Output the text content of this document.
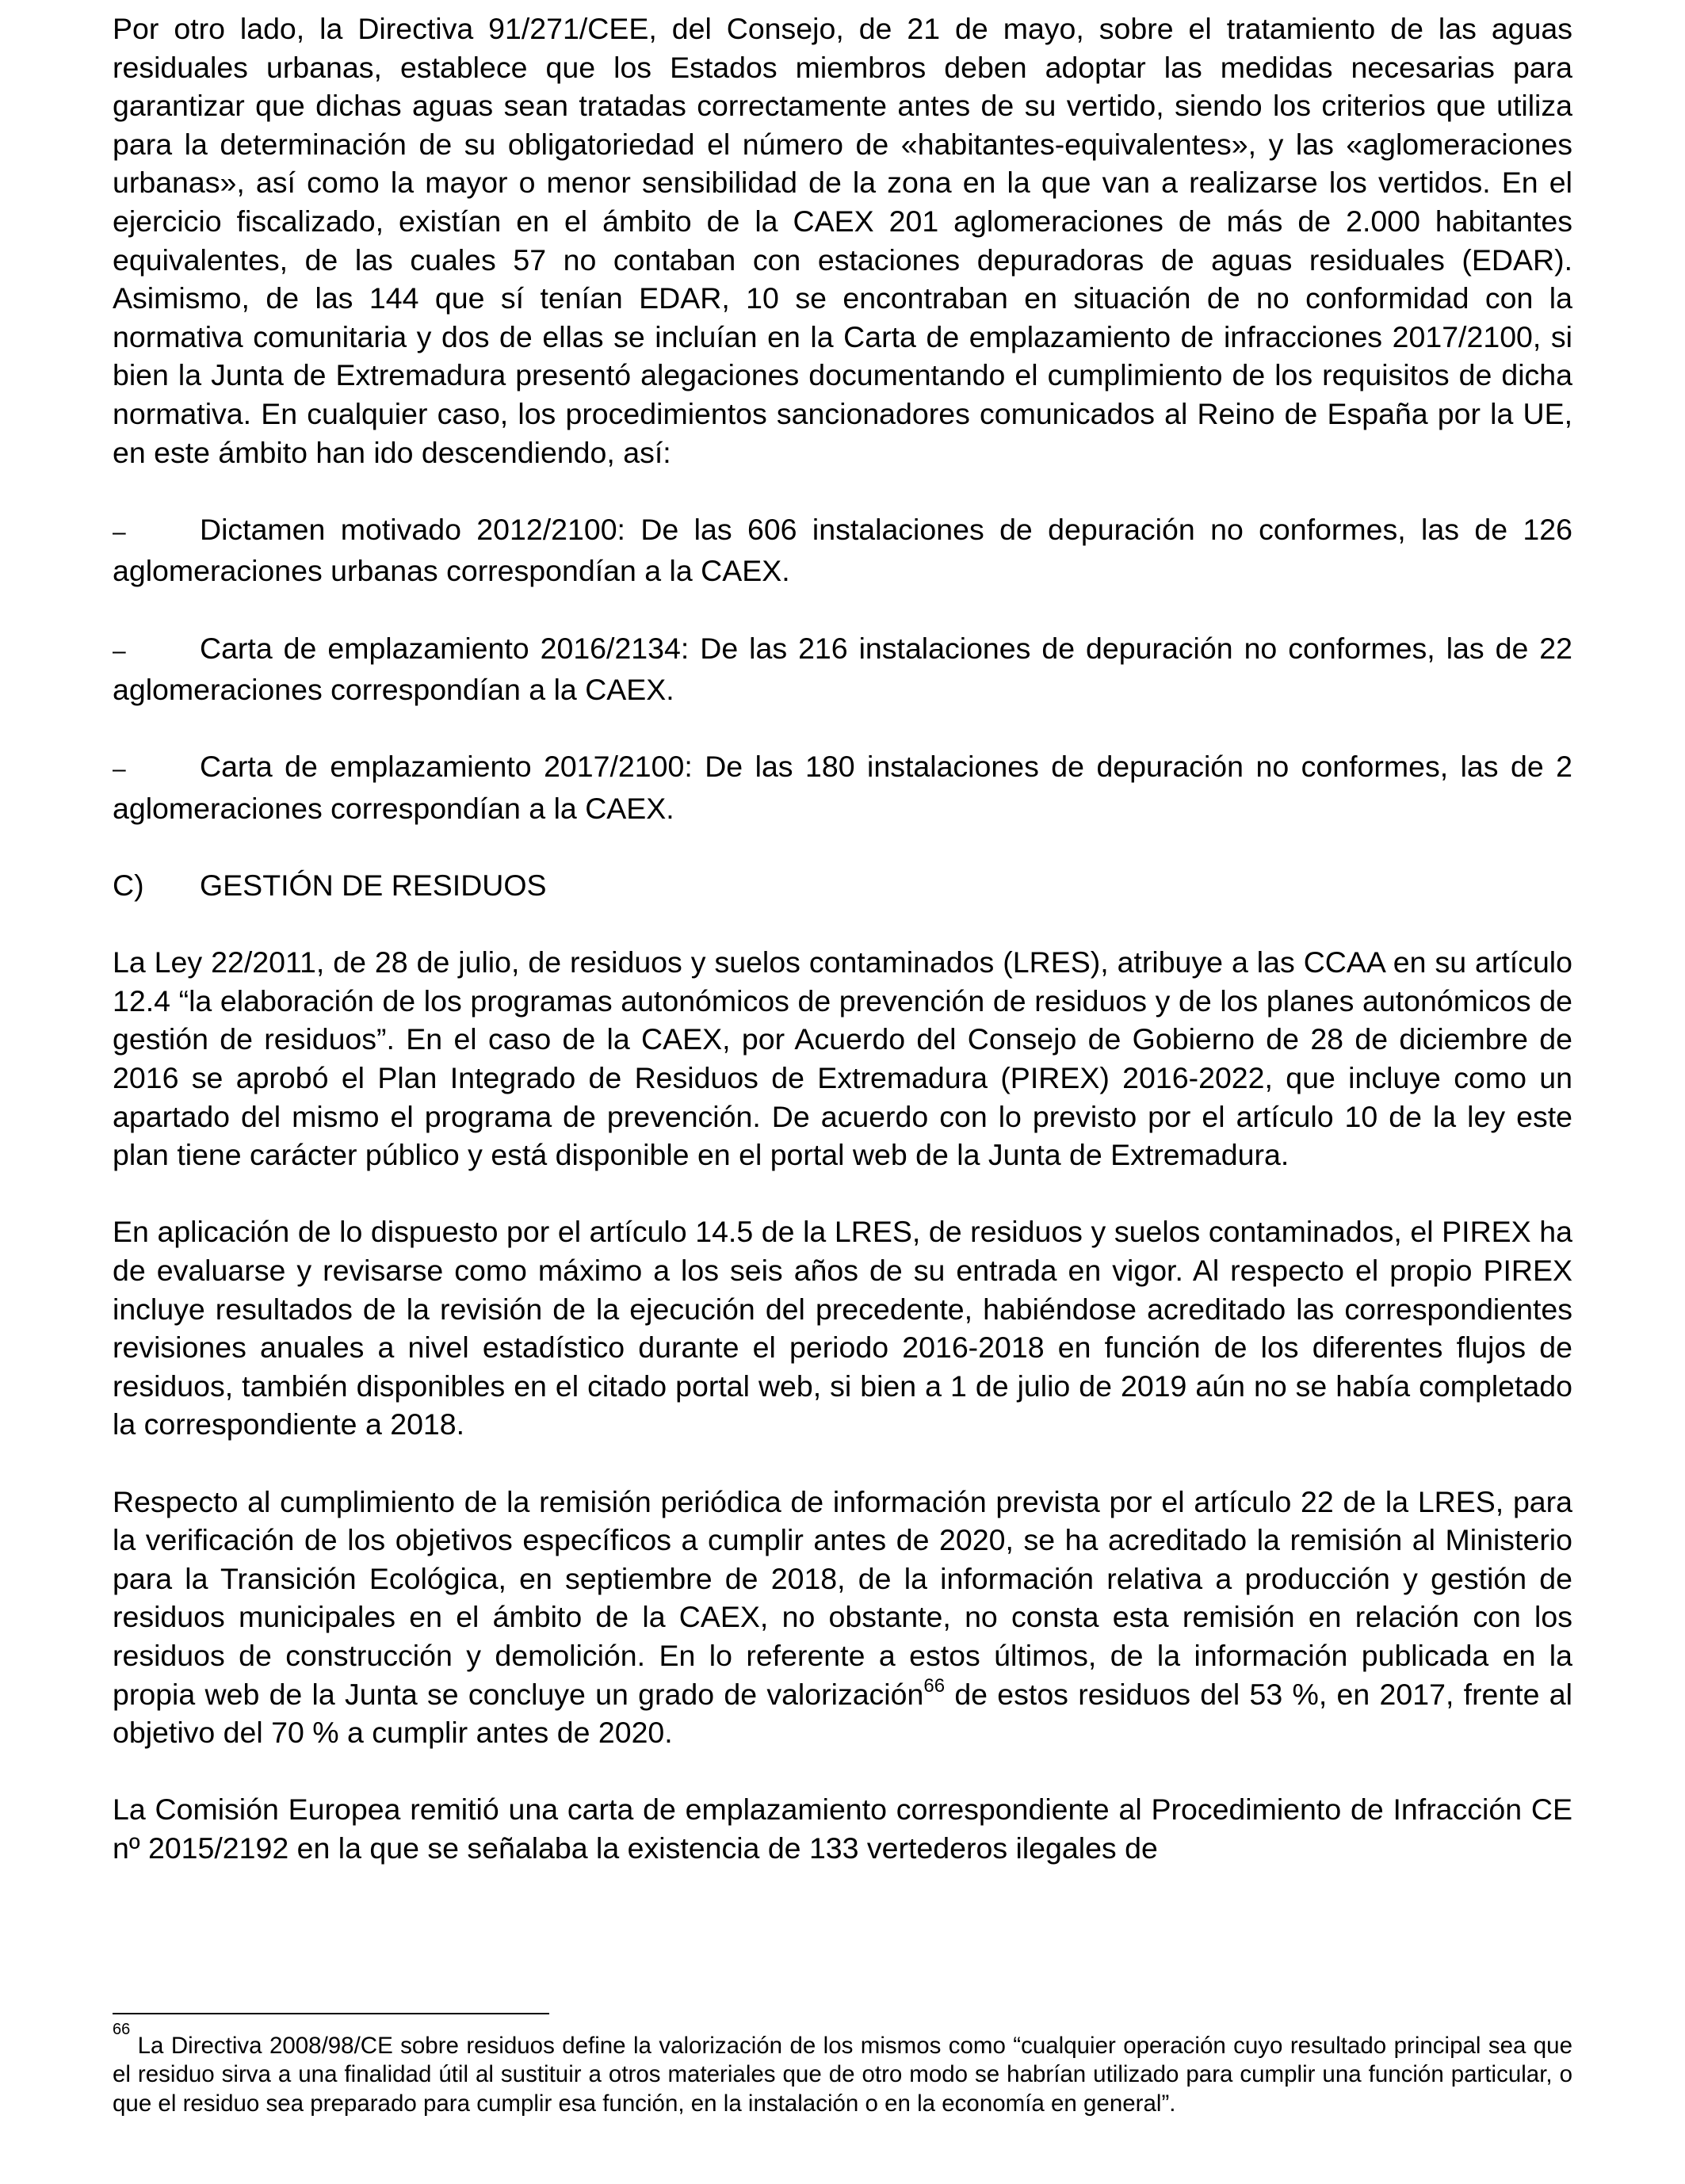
Por otro lado, la Directiva 91/271/CEE, del Consejo, de 21 de mayo, sobre el tratamiento de las aguas residuales urbanas, establece que los Estados miembros deben adoptar las medidas necesarias para garantizar que dichas aguas sean tratadas correctamente antes de su vertido, siendo los criterios que utiliza para la determinación de su obligatoriedad el número de «habitantes-equivalentes», y las «aglomeraciones urbanas», así como la mayor o menor sensibilidad de la zona en la que van a realizarse los vertidos. En el ejercicio fiscalizado, existían en el ámbito de la CAEX 201 aglomeraciones de más de 2.000 habitantes equivalentes, de las cuales 57 no contaban con estaciones depuradoras de aguas residuales (EDAR). Asimismo, de las 144 que sí tenían EDAR, 10 se encontraban en situación de no conformidad con la normativa comunitaria y dos de ellas se incluían en la Carta de emplazamiento de infracciones 2017/2100, si bien la Junta de Extremadura presentó alegaciones documentando el cumplimiento de los requisitos de dicha normativa. En cualquier caso, los procedimientos sancionadores comunicados al Reino de España por la UE, en este ámbito han ido descendiendo, así:

– Dictamen motivado 2012/2100: De las 606 instalaciones de depuración no conformes, las de 126 aglomeraciones urbanas correspondían a la CAEX.

– Carta de emplazamiento 2016/2134: De las 216 instalaciones de depuración no conformes, las de 22 aglomeraciones correspondían a la CAEX.

– Carta de emplazamiento 2017/2100: De las 180 instalaciones de depuración no conformes, las de 2 aglomeraciones correspondían a la CAEX.

C) GESTIÓN DE RESIDUOS

La Ley 22/2011, de 28 de julio, de residuos y suelos contaminados (LRES), atribuye a las CCAA en su artículo 12.4 “la elaboración de los programas autonómicos de prevención de residuos y de los planes autonómicos de gestión de residuos”. En el caso de la CAEX, por Acuerdo del Consejo de Gobierno de 28 de diciembre de 2016 se aprobó el Plan Integrado de Residuos de Extremadura (PIREX) 2016-2022, que incluye como un apartado del mismo el programa de prevención. De acuerdo con lo previsto por el artículo 10 de la ley este plan tiene carácter público y está disponible en el portal web de la Junta de Extremadura.

En aplicación de lo dispuesto por el artículo 14.5 de la LRES, de residuos y suelos contaminados, el PIREX ha de evaluarse y revisarse como máximo a los seis años de su entrada en vigor. Al respecto el propio PIREX incluye resultados de la revisión de la ejecución del precedente, habiéndose acreditado las correspondientes revisiones anuales a nivel estadístico durante el periodo 2016-2018 en función de los diferentes flujos de residuos, también disponibles en el citado portal web, si bien a 1 de julio de 2019 aún no se había completado la correspondiente a 2018.

Respecto al cumplimiento de la remisión periódica de información prevista por el artículo 22 de la LRES, para la verificación de los objetivos específicos a cumplir antes de 2020, se ha acreditado la remisión al Ministerio para la Transición Ecológica, en septiembre de 2018, de la información relativa a producción y gestión de residuos municipales en el ámbito de la CAEX, no obstante, no consta esta remisión en relación con los residuos de construcción y demolición. En lo referente a estos últimos, de la información publicada en la propia web de la Junta se concluye un grado de valorización$^{66}$ de estos residuos del 53 %, en 2017, frente al objetivo del 70 % a cumplir antes de 2020.

La Comisión Europea remitió una carta de emplazamiento correspondiente al Procedimiento de Infracción CE nº 2015/2192 en la que se señalaba la existencia de 133 vertederos ilegales de

$^{66}$ La Directiva 2008/98/CE sobre residuos define la valorización de los mismos como “cualquier operación cuyo resultado principal sea que el residuo sirva a una finalidad útil al sustituir a otros materiales que de otro modo se habrían utilizado para cumplir una función particular, o que el residuo sea preparado para cumplir esa función, en la instalación o en la economía en general”.
